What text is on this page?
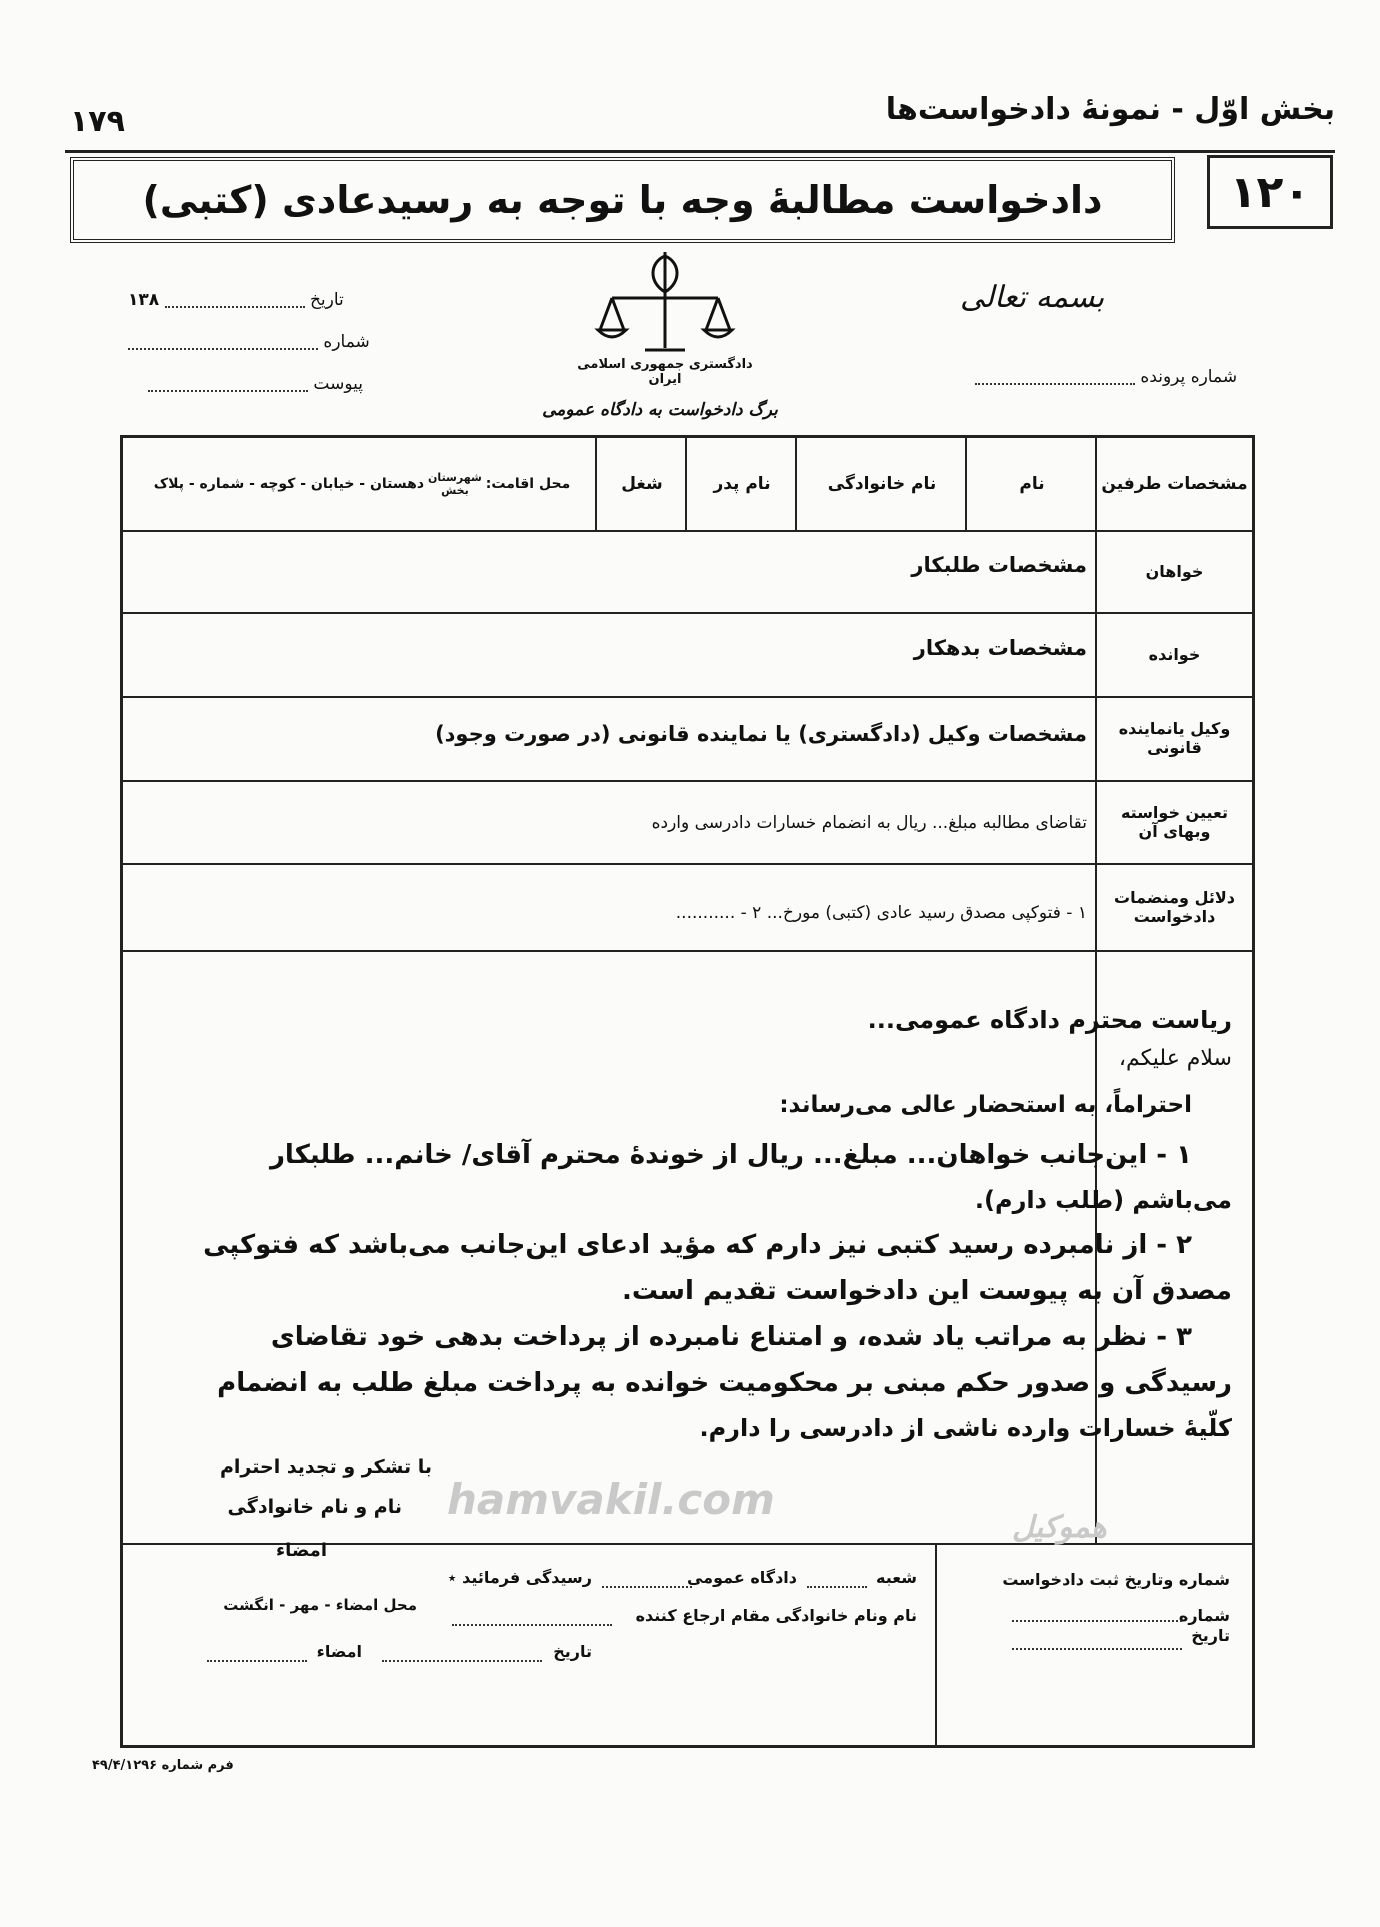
بخش اوّل - نمونهٔ دادخواست‌ها
۱۷۹
۱۲۰
دادخواست مطالبهٔ وجه با توجه به رسیدعادی (کتبی)
بسمه تعالی
دادگستری جمهوری اسلامی ایران
برگ دادخواست به دادگاه عمومی
۱۳۸	تاریخ
شماره
پیوست	شماره پرونده
مشخصات طرفین
نام
نام خانوادگی
نام پدر
شغل
محل اقامت:
شهرستان
بخش
دهستان - خیابان - کوچه - شماره - پلاک
خواهان
مشخصات طلبکار
خوانده
مشخصات بدهکار
وکیل یانماینده
قانونی
مشخصات وکیل (دادگستری) یا نماینده قانونی (در صورت وجود)
تعیین خواسته
وبهای آن
تقاضای مطالبه مبلغ... ریال به انضمام خسارات دادرسی وارده
دلائل ومنضمات
دادخواست
۱ - فتوکپی مصدق رسید عادی (کتبی) مورخ... ۲ - ...........
ریاست محترم دادگاه عمومی...
سلام علیکم،
احتراماً، به استحضار عالی می‌رساند:
۱ - این‌جانب خواهان... مبلغ... ریال از خوندهٔ محترم آقای/ خانم... طلبکار
می‌باشم (طلب دارم).
۲ - از نامبرده رسید کتبی نیز دارم که مؤید ادعای این‌جانب می‌باشد که فتوکپی
مصدق آن به پیوست این دادخواست تقدیم است.
۳ - نظر به مراتب یاد شده، و امتناع نامبرده از پرداخت بدهی خود تقاضای
رسیدگی و صدور حکم مبنی بر محکومیت خوانده به پرداخت مبلغ طلب به انضمام
کلّیهٔ خسارات وارده ناشی از دادرسی را دارم.
با تشکر و تجدید احترام
نام و نام خانوادگی
امضاء
محل امضاء - مهر - انگشت
شماره وتاریخ ثبت دادخواست
شماره
تاریخ
شعبه
دادگاه عمومی
رسیدگی فرمائید ٭
نام ونام خانوادگی مقام ارجاع کننده
تاریخ
امضاء
hamvakil.com
هموکیل
فرم شماره ۴۹/۴/۱۲۹۶
